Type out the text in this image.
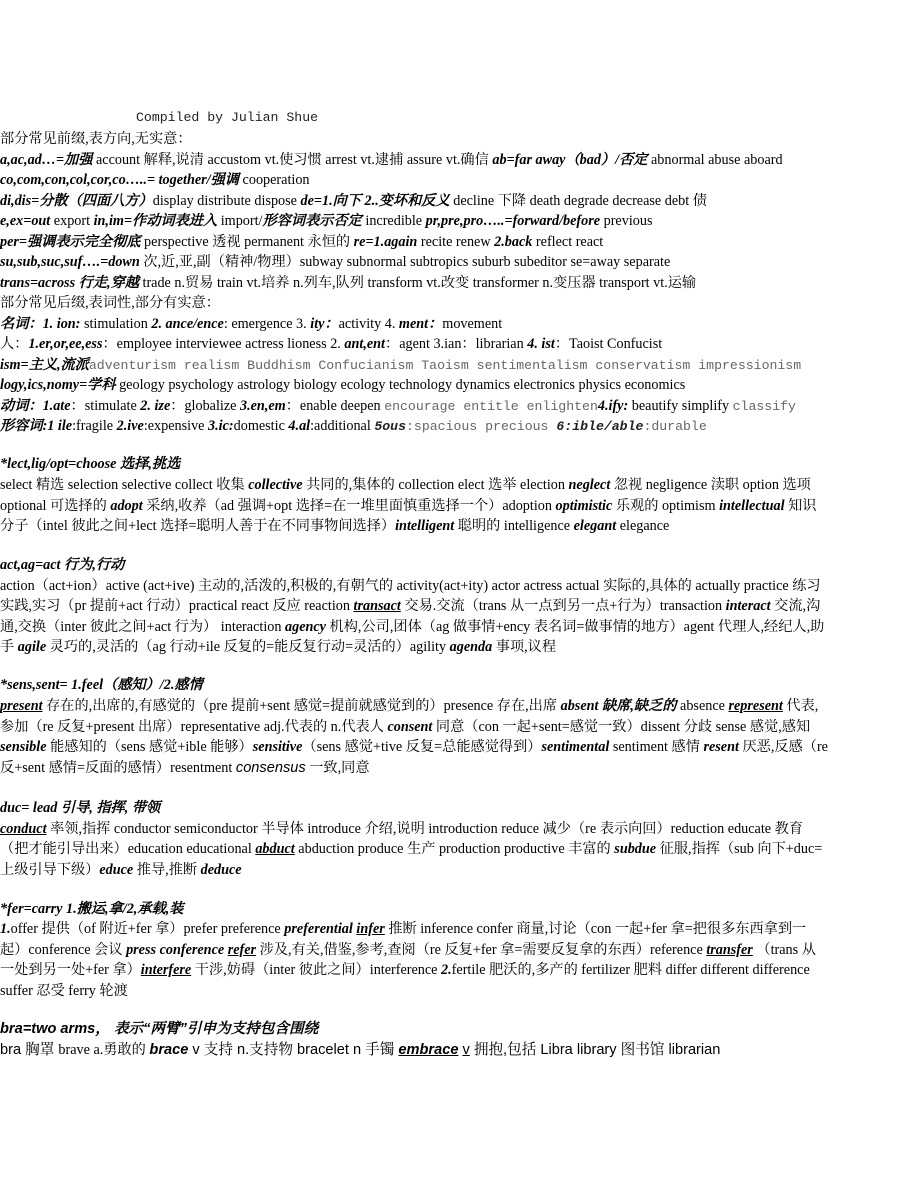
Compiled by Julian Shue
部分常见前缀,表方向,无实意：
a,ac,ad…=加强 account 解释,说清 accustom vt.使习惯 arrest vt.逮捕 assure vt.确信 ab=far away（bad）/否定 abnormal abuse aboard
co,com,con,col,cor,co…..= together/强调 cooperation
di,dis=分散（四面八方）display distribute dispose de=1.向下 2..变坏和反义 decline 下降 death degrade decrease debt 债
e,ex=out export in,im=作动词表进入 import/形容词表示否定 incredible pr,pre,pro…..=forward/before previous
per=强调表示完全彻底 perspective 透视 permanent 永恒的 re=1.again recite renew 2.back reflect react
su,sub,suc,suf….=down 次,近,亚,副（精神/物理）subway subnormal subtropics suburb subeditor se=away separate
trans=across 行走,穿越 trade n.贸易 train vt.培养 n.列车,队列 transform vt.改变 transformer n.变压器 transport vt.运输
部分常见后缀,表词性,部分有实意：
名词：1. ion: stimulation 2. ance/ence: emergence 3. ity：activity 4. ment：movement
人：1.er,or,ee,ess：employee interviewee actress lioness 2. ant,ent：agent 3.ian：librarian 4. ist：Taoist Confucist
ism=主义,流派adventurism realism Buddhism Confucianism Taoism sentimentalism conservatism impressionism
logy,ics,nomy=学科 geology psychology astrology biology ecology technology dynamics electronics physics economics
动词：1.ate：stimulate 2. ize：globalize 3.en,em：enable deepen encourage entitle enlighten4.ify: beautify simplify classify
形容词:1 ile:fragile 2.ive:expensive 3.ic:domestic 4.al:additional 5ous:spacious precious 6:ible/able:durable
*lect,lig/opt=choose 选择,挑选
select 精选 selection selective collect 收集 collective 共同的,集体的 collection elect 选举 election neglect 忽视 negligence 渎职 option 选项
optional 可选择的 adopt 采纳,收养（ad 强调+opt 选择=在一堆里面慎重选择一个）adoption optimistic 乐观的 optimism intellectual 知识
分子（intel 彼此之间+lect 选择=聪明人善于在不同事物间选择）intelligent 聪明的 intelligence elegant elegance
act,ag=act 行为,行动
action（act+ion）active (act+ive) 主动的,活泼的,积极的,有朝气的 activity(act+ity) actor actress actual 实际的,具体的 actually practice 练习
实践,实习（pr 提前+act 行动）practical react 反应 reaction transact 交易.交流（trans 从一点到另一点+行为）transaction interact 交流,沟
通,交换（inter 彼此之间+act 行为） interaction agency 机构,公司,团体（ag 做事情+ency 表名词=做事情的地方）agent 代理人,经纪人,助
手 agile 灵巧的,灵活的（ag 行动+ile 反复的=能反复行动=灵活的）agility agenda 事项,议程
*sens,sent= 1.feel（感知）/2.感情
present 存在的,出席的,有感觉的（pre 提前+sent 感觉=提前就感觉到的）presence 存在,出席 absent 缺席,缺乏的 absence represent 代表,
参加（re 反复+present 出席）representative adj.代表的 n.代表人 consent 同意（con 一起+sent=感觉一致）dissent 分歧 sense 感觉,感知
sensible 能感知的（sens 感觉+ible 能够）sensitive（sens 感觉+tive 反复=总能感觉得到）sentimental sentiment 感情 resent 厌恶,反感（re
反+sent 感情=反面的感情）resentment consensus 一致,同意
duc= lead 引导, 指挥, 带领
conduct 率领,指挥 conductor semiconductor 半导体 introduce 介绍,说明 introduction reduce 减少（re 表示向回）reduction educate 教育
（把才能引导出来）education educational abduct abduction produce 生产 production productive 丰富的 subdue 征服,指挥（sub 向下+duc=
上级引导下级）educe 推导,推断 deduce
*fer=carry 1.搬运,拿/2,承载,装
1.offer 提供（of 附近+fer 拿）prefer preference preferential infer 推断 inference confer 商量,讨论（con 一起+fer 拿=把很多东西拿到一
起）conference 会议 press conference refer 涉及,有关,借鉴,参考,查阅（re 反复+fer 拿=需要反复拿的东西）reference transfer （trans 从
一处到另一处+fer 拿）interfere 干涉,妨碍（inter 彼此之间）interference 2.fertile 肥沃的,多产的 fertilizer 肥料 differ different difference
suffer 忍受 ferry 轮渡
bra=two arms， 表示“两臂”引申为支持包含围绕
bra 胸罩 brave a.勇敢的 brace v 支持 n.支持物 bracelet n 手镯 embrace v 拥抱,包括 Libra library 图书馆 librarian
